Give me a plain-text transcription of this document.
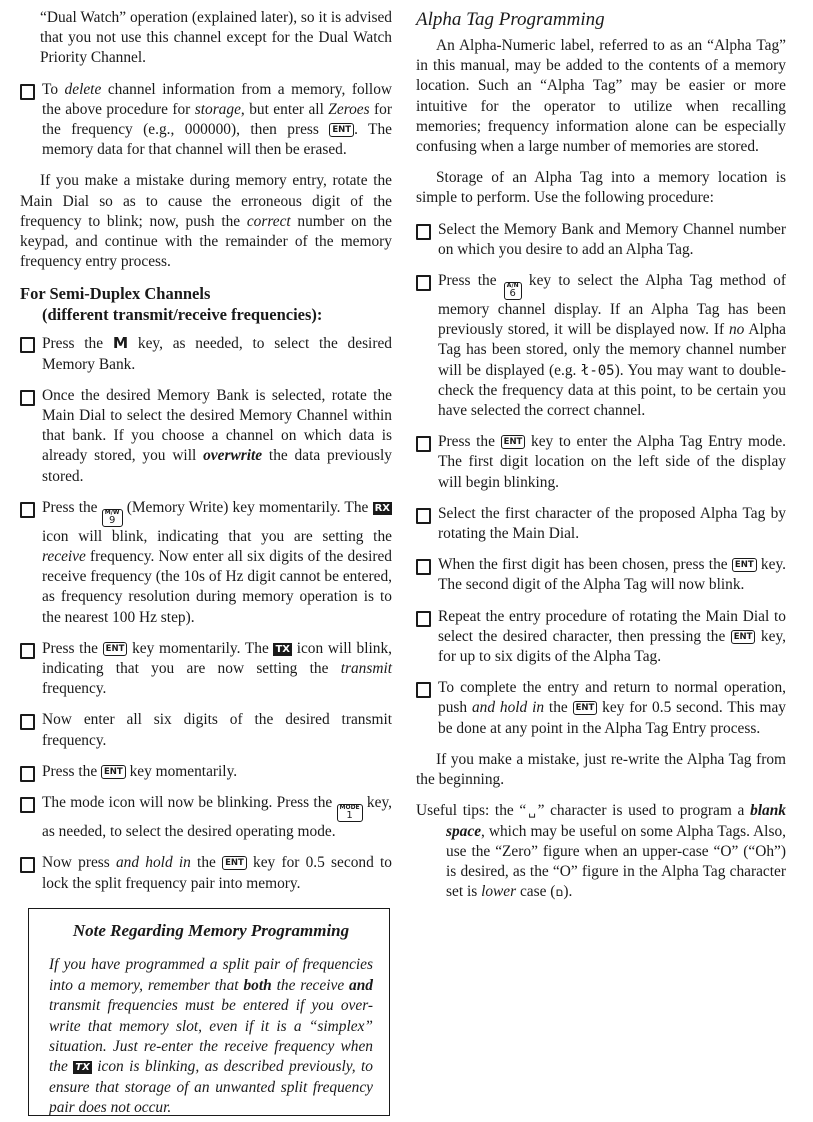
“Dual Watch” operation (explained later), so it is advised that you not use this channel except for the Dual Watch Priority Channel.

To delete channel information from a memory, follow the above procedure for storage, but enter all Zeroes for the frequency (e.g., 000000), then press ENT . The memory data for that channel will then be erased.

If you make a mistake during memory entry, rotate the Main Dial so as to cause the erroneous digit of the frequency to blink; now, push the correct number on the keypad, and continue with the remainder of the memory frequency entry process.

For Semi-Duplex Channels
(different transmit/receive frequencies):
Press the M key, as needed, to select the desired Memory Bank.
Once the desired Memory Bank is selected, rotate the Main Dial to select the desired Memory Channel within that bank. If you choose a channel on which data is already stored, you will overwrite the data previously stored.
Press the M/W
9
(Memory Write) key momentarily. The RX icon will blink, indicating that you are setting the receive frequency. Now enter all six digits of the desired receive frequency (the 10s of Hz digit cannot be entered, as frequency resolution during memory operation is to the nearest 100 Hz step).
Press the ENT key momentarily. The TX icon will blink, indicating that you are now setting the transmit frequency.
Now enter all six digits of the desired transmit frequency.
Press the ENT key momentarily.
The mode icon will now be blinking. Press the MODE
1
key, as needed, to select the desired operating mode.
Now press and hold in the ENT key for 0.5 second to lock the split frequency pair into memory.
Note Regarding Memory Programming

If you have programmed a split pair of frequencies into a memory, remember that both the receive and transmit frequencies must be entered if you over-write that memory slot, even if it is a “simplex” situation. Just re-enter the receive frequency when the TX icon is blinking, as described previously, to ensure that storage of an unwanted split frequency pair does not occur.

Alpha Tag Programming

An Alpha-Numeric label, referred to as an “Alpha Tag” in this manual, may be added to the contents of a memory location. Such an “Alpha Tag” may be easier or more intuitive for the operator to utilize when recalling memories; frequency information alone can be especially confusing when a large number of memories are stored.

Storage of an Alpha Tag into a memory location is simple to perform. Use the following procedure:

Select the Memory Bank and Memory Channel number on which you desire to add an Alpha Tag.
Press the A/N
6
key to select the Alpha Tag method of memory channel display. If an Alpha Tag has been previously stored, it will be displayed now. If no Alpha Tag has been stored, only the memory channel number will be displayed (e.g. ł-05). You may want to double-check the frequency data at this point, to be certain you have selected the correct channel.
Press the ENT key to enter the Alpha Tag Entry mode. The first digit location on the left side of the display will begin blinking.
Select the first character of the proposed Alpha Tag by rotating the Main Dial.
When the first digit has been chosen, press the ENT key. The second digit of the Alpha Tag will now blink.
Repeat the entry procedure of rotating the Main Dial to select the desired character, then pressing the ENT key, for up to six digits of the Alpha Tag.
To complete the entry and return to normal operation, push and hold in the ENT key for 0.5 second. This may be done at any point in the Alpha Tag Entry process.

If you make a mistake, just re-write the Alpha Tag from the beginning.

Useful tips: the “␣” character is used to program a blank space, which may be useful on some Alpha Tags. Also, use the “Zero” figure when an upper-case “O” (“Oh”) is desired, as the “O” figure in the Alpha Tag character set is lower case (ם).
